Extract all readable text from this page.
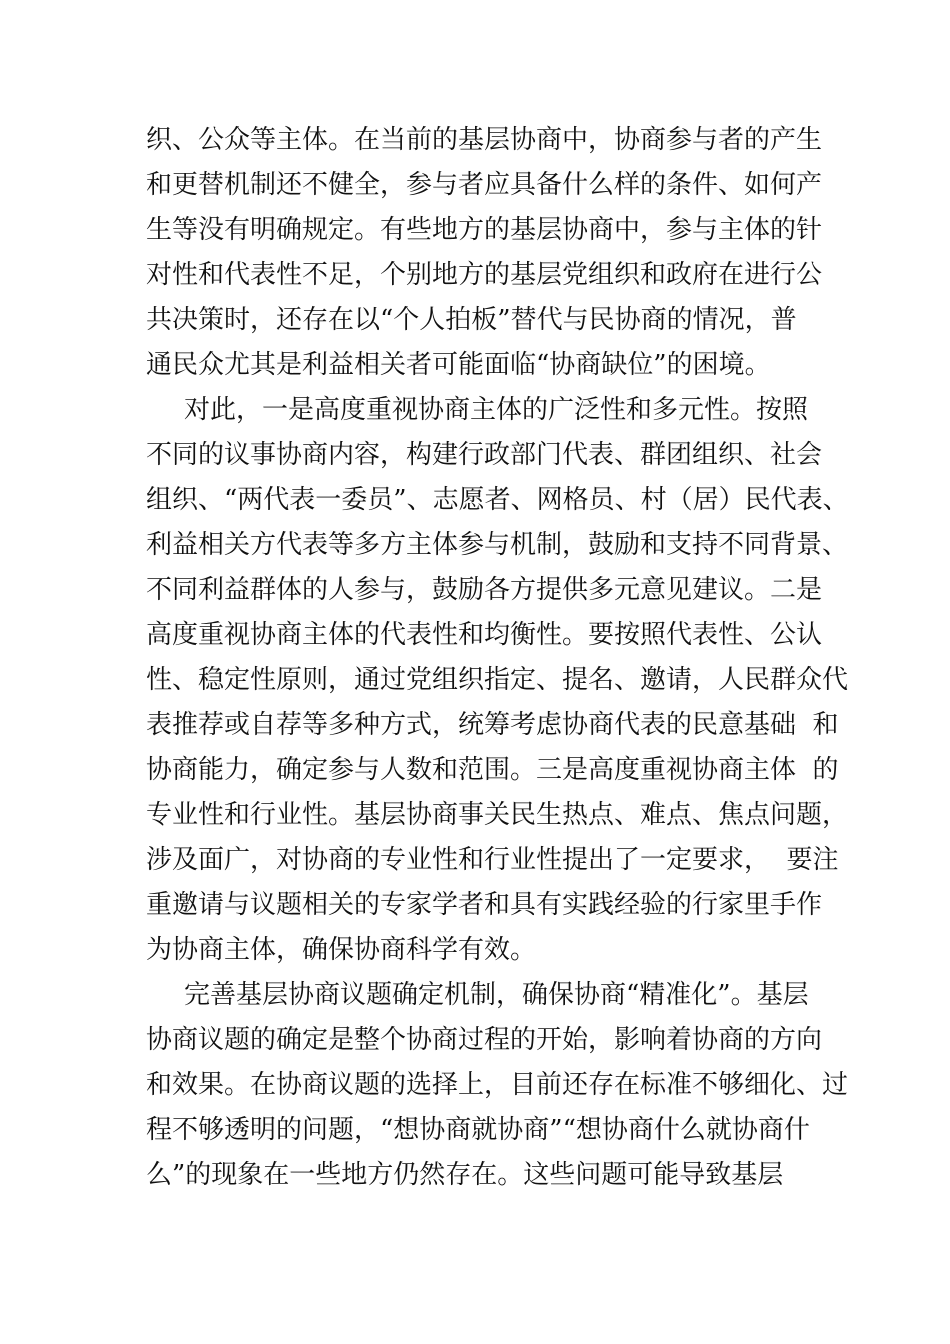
织、公众等主体。在当前的基层协商中，协商参与者的产生
和更替机制还不健全，参与者应具备什么样的条件、如何产
生等没有明确规定。有些地方的基层协商中，参与主体的针
对性和代表性不足，个别地方的基层党组织和政府在进行公
共决策时，还存在以“个人拍板”替代与民协商的情况，普
通民众尤其是利益相关者可能面临“协商缺位”的困境。
对此，一是高度重视协商主体的广泛性和多元性。按照
不同的议事协商内容，构建行政部门代表、群团组织、社会
组织、“两代表一委员”、志愿者、网格员、村（居）民代表、
利益相关方代表等多方主体参与机制，鼓励和支持不同背景、
不同利益群体的人参与，鼓励各方提供多元意见建议。二是
高度重视协商主体的代表性和均衡性。要按照代表性、公认
性、稳定性原则，通过党组织指定、提名、邀请，人民群众代
表推荐或自荐等多种方式，统筹考虑协商代表的民意基础  和
协商能力，确定参与人数和范围。三是高度重视协商主体  的
专业性和行业性。基层协商事关民生热点、难点、焦点问题，
涉及面广，对协商的专业性和行业性提出了一定要求，  要注
重邀请与议题相关的专家学者和具有实践经验的行家里手作
为协商主体，确保协商科学有效。
完善基层协商议题确定机制，确保协商“精准化”。基层
协商议题的确定是整个协商过程的开始，影响着协商的方向
和效果。在协商议题的选择上，目前还存在标准不够细化、过
程不够透明的问题，“想协商就协商”“想协商什么就协商什
么”的现象在一些地方仍然存在。这些问题可能导致基层
